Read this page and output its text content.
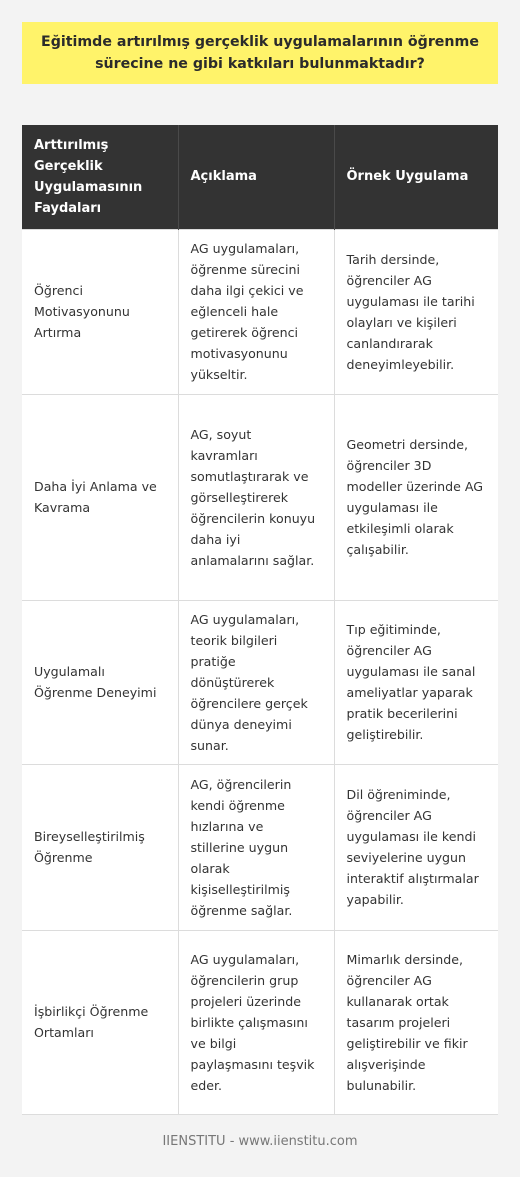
Eğitimde artırılmış gerçeklik uygulamalarının öğrenme sürecine ne gibi katkıları bulunmaktadır?
Arttırılmış Gerçeklik Uygulamasının Faydaları	Açıklama	Örnek Uygulama
Öğrenci Motivasyonunu Artırma	AG uygulamaları, öğrenme sürecini daha ilgi çekici ve eğlenceli hale getirerek öğrenci motivasyonunu yükseltir.	Tarih dersinde, öğrenciler AG uygulaması ile tarihi olayları ve kişileri canlandırarak deneyimleyebilir.
Daha İyi Anlama ve Kavrama	AG, soyut kavramları somutlaştırarak ve görselleştirerek öğrencilerin konuyu daha iyi anlamalarını sağlar.	Geometri dersinde, öğrenciler 3D modeller üzerinde AG uygulaması ile etkileşimli olarak çalışabilir.
Uygulamalı Öğrenme Deneyimi	AG uygulamaları, teorik bilgileri pratiğe dönüştürerek öğrencilere gerçek dünya deneyimi sunar.	Tıp eğitiminde, öğrenciler AG uygulaması ile sanal ameliyatlar yaparak pratik becerilerini geliştirebilir.
Bireyselleştirilmiş Öğrenme	AG, öğrencilerin kendi öğrenme hızlarına ve stillerine uygun olarak kişiselleştirilmiş öğrenme sağlar.	Dil öğreniminde, öğrenciler AG uygulaması ile kendi seviyelerine uygun interaktif alıştırmalar yapabilir.
İşbirlikçi Öğrenme Ortamları	AG uygulamaları, öğrencilerin grup projeleri üzerinde birlikte çalışmasını ve bilgi paylaşmasını teşvik eder.	Mimarlık dersinde, öğrenciler AG kullanarak ortak tasarım projeleri geliştirebilir ve fikir alışverişinde bulunabilir.
IIENSTITU - www.iienstitu.com
